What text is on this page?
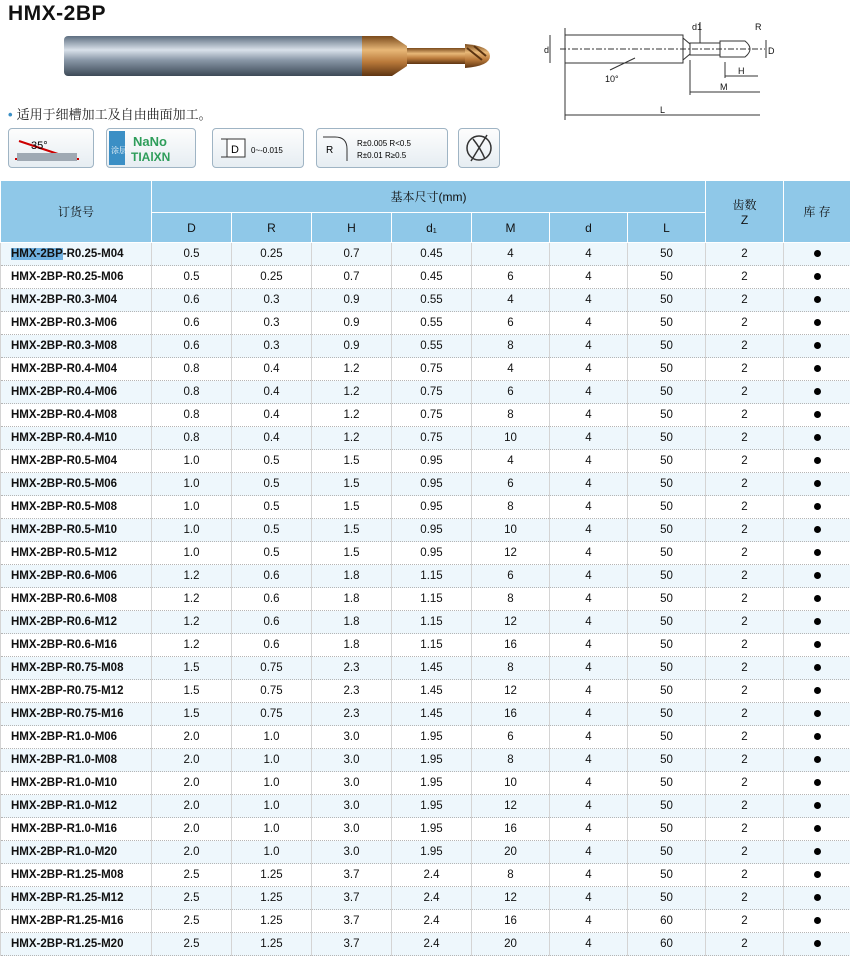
HMX-2BP
d
d1	R
D
10°
H
M
L
• 适用于细槽加工及自由曲面加工。
35°	涂层
NaNo
TIAlXN	D 0~-0.015	R
R±0.005 R<0.5
R±0.01 R≥0.5
订货号	基本尺寸(mm)							齿数
Z	库 存
	D	R	H	d₁	M	d	L		
HMX-2BP-R0.25-M04	0.5	0.25	0.7	0.45	4	4	50	2	
HMX-2BP-R0.25-M06	0.5	0.25	0.7	0.45	6	4	50	2	
HMX-2BP-R0.3-M04	0.6	0.3	0.9	0.55	4	4	50	2	
HMX-2BP-R0.3-M06	0.6	0.3	0.9	0.55	6	4	50	2	
HMX-2BP-R0.3-M08	0.6	0.3	0.9	0.55	8	4	50	2	
HMX-2BP-R0.4-M04	0.8	0.4	1.2	0.75	4	4	50	2	
HMX-2BP-R0.4-M06	0.8	0.4	1.2	0.75	6	4	50	2	
HMX-2BP-R0.4-M08	0.8	0.4	1.2	0.75	8	4	50	2	
HMX-2BP-R0.4-M10	0.8	0.4	1.2	0.75	10	4	50	2	
HMX-2BP-R0.5-M04	1.0	0.5	1.5	0.95	4	4	50	2	
HMX-2BP-R0.5-M06	1.0	0.5	1.5	0.95	6	4	50	2	
HMX-2BP-R0.5-M08	1.0	0.5	1.5	0.95	8	4	50	2	
HMX-2BP-R0.5-M10	1.0	0.5	1.5	0.95	10	4	50	2	
HMX-2BP-R0.5-M12	1.0	0.5	1.5	0.95	12	4	50	2	
HMX-2BP-R0.6-M06	1.2	0.6	1.8	1.15	6	4	50	2	
HMX-2BP-R0.6-M08	1.2	0.6	1.8	1.15	8	4	50	2	
HMX-2BP-R0.6-M12	1.2	0.6	1.8	1.15	12	4	50	2	
HMX-2BP-R0.6-M16	1.2	0.6	1.8	1.15	16	4	50	2	
HMX-2BP-R0.75-M08	1.5	0.75	2.3	1.45	8	4	50	2	
HMX-2BP-R0.75-M12	1.5	0.75	2.3	1.45	12	4	50	2	
HMX-2BP-R0.75-M16	1.5	0.75	2.3	1.45	16	4	50	2	
HMX-2BP-R1.0-M06	2.0	1.0	3.0	1.95	6	4	50	2	
HMX-2BP-R1.0-M08	2.0	1.0	3.0	1.95	8	4	50	2	
HMX-2BP-R1.0-M10	2.0	1.0	3.0	1.95	10	4	50	2	
HMX-2BP-R1.0-M12	2.0	1.0	3.0	1.95	12	4	50	2	
HMX-2BP-R1.0-M16	2.0	1.0	3.0	1.95	16	4	50	2	
HMX-2BP-R1.0-M20	2.0	1.0	3.0	1.95	20	4	50	2	
HMX-2BP-R1.25-M08	2.5	1.25	3.7	2.4	8	4	50	2	
HMX-2BP-R1.25-M12	2.5	1.25	3.7	2.4	12	4	50	2	
HMX-2BP-R1.25-M16	2.5	1.25	3.7	2.4	16	4	60	2	
HMX-2BP-R1.25-M20	2.5	1.25	3.7	2.4	20	4	60	2	
